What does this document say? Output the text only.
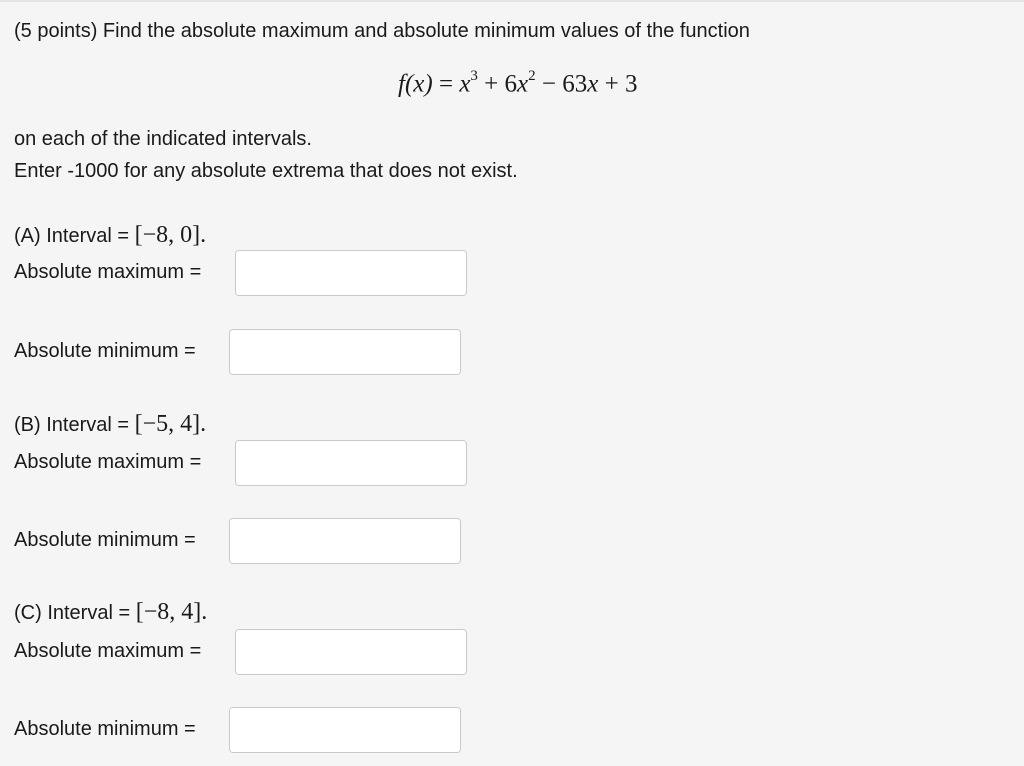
(5 points) Find the absolute maximum and absolute minimum values of the function
$f(x) = x^3 + 6x^2 - 63x + 3$
on each of the indicated intervals.
Enter -1000 for any absolute extrema that does not exist.
(A) Interval = [−8, 0].
Absolute maximum =
Absolute minimum =
(B) Interval = [−5, 4].
Absolute maximum =
Absolute minimum =
(C) Interval = [−8, 4].
Absolute maximum =
Absolute minimum =
